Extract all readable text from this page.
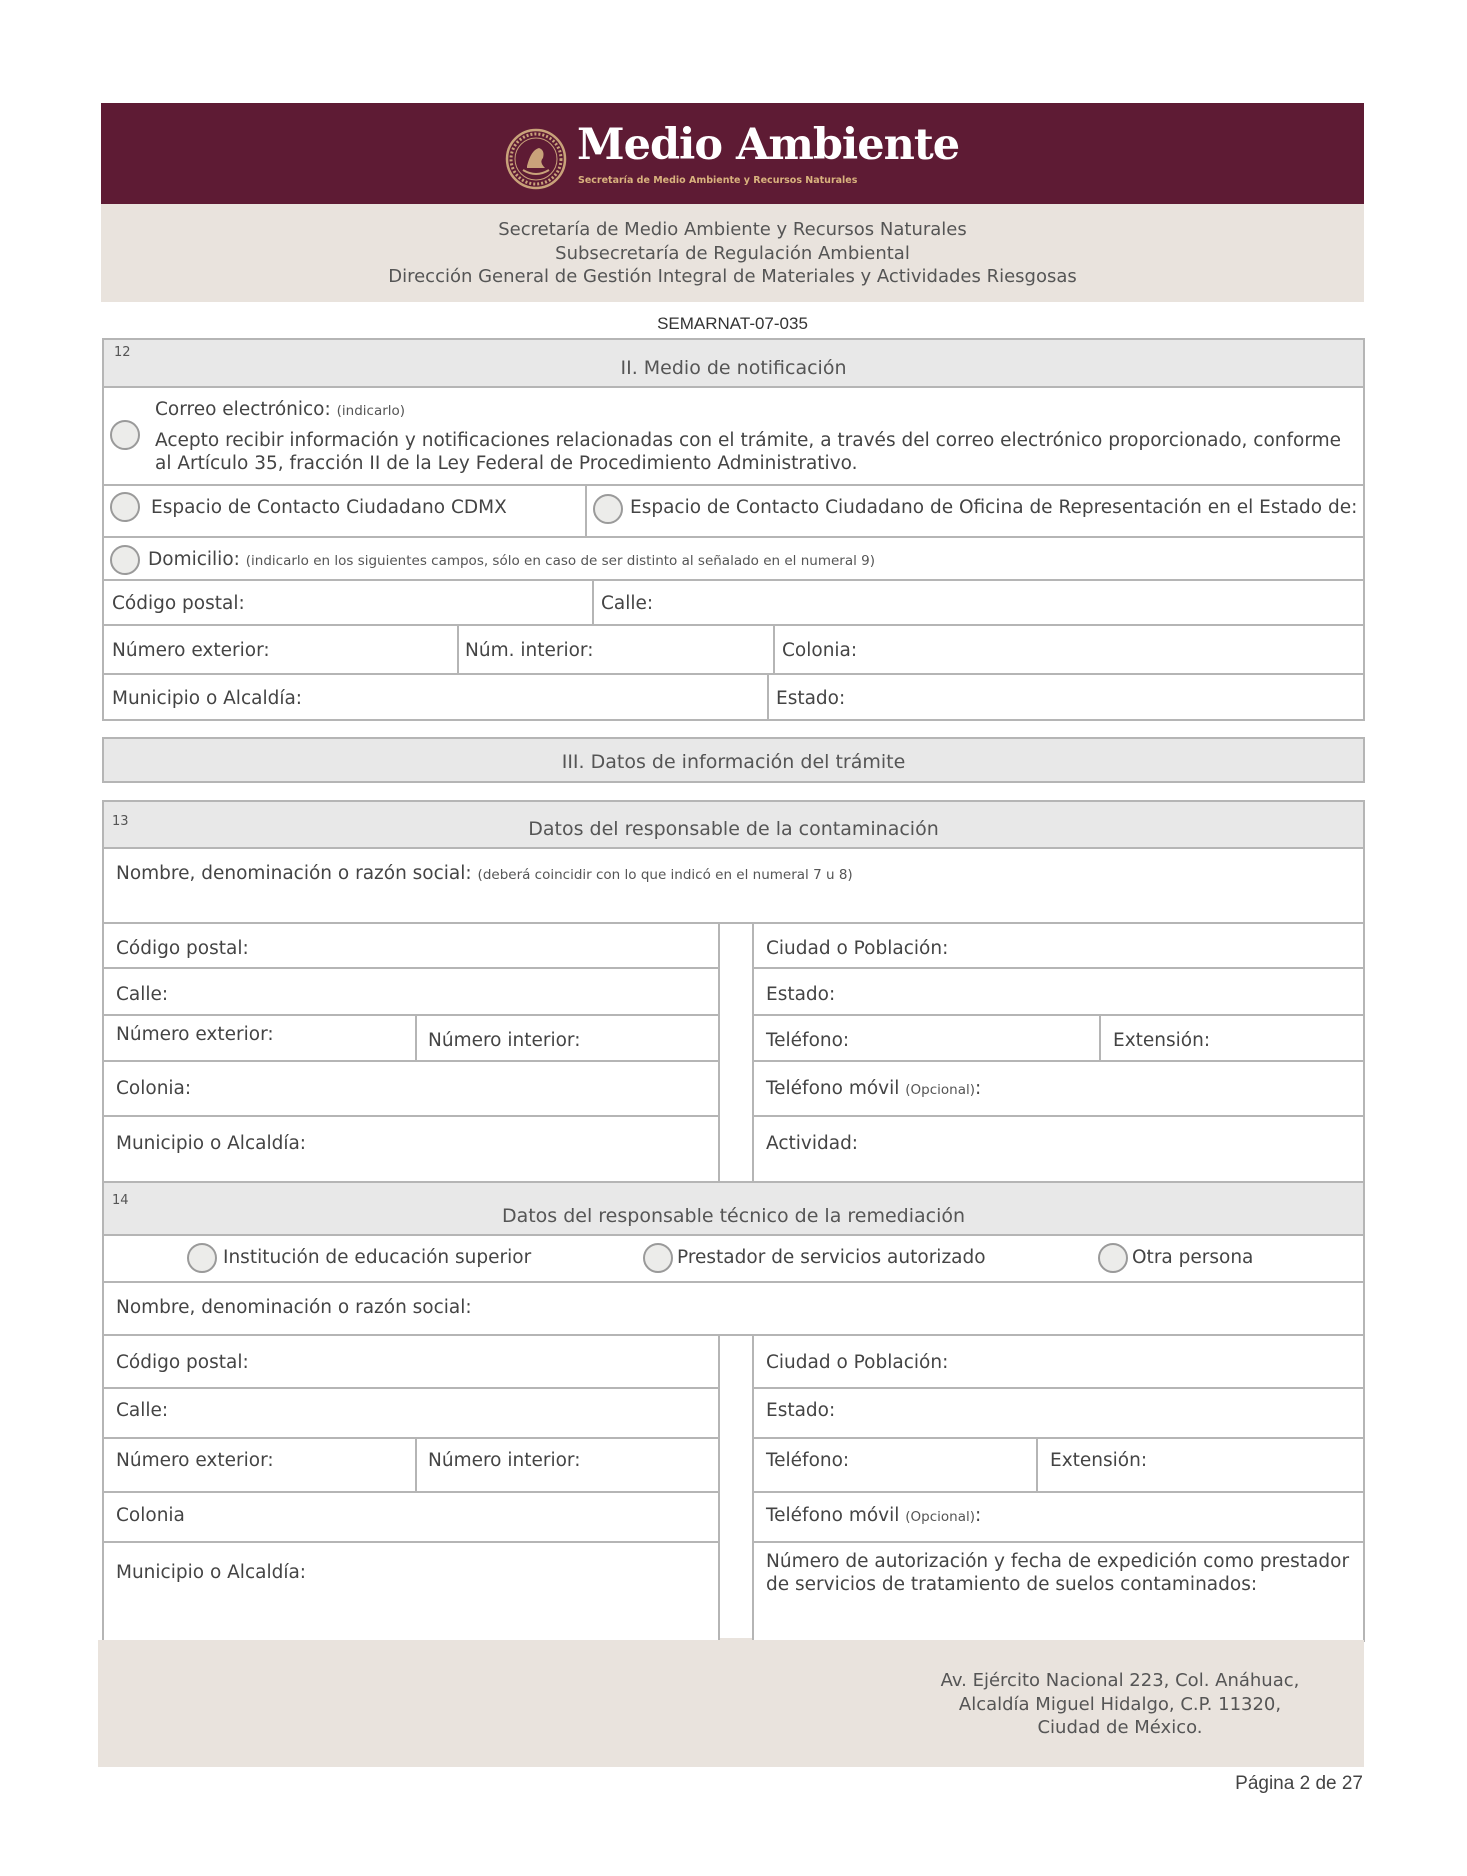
Medio Ambiente
Secretaría de Medio Ambiente y Recursos Naturales
Secretaría de Medio Ambiente y Recursos Naturales
Subsecretaría de Regulación Ambiental
Dirección General de Gestión Integral de Materiales y Actividades Riesgosas
SEMARNAT-07-035
12
II. Medio de notificación
Correo electrónico: (indicarlo)
Acepto recibir información y notificaciones relacionadas con el trámite, a través del correo electrónico proporcionado, conforme
al Artículo 35, fracción II de la Ley Federal de Procedimiento Administrativo.
Espacio de Contacto Ciudadano CDMX	Espacio de Contacto Ciudadano de Oficina de Representación en el Estado de:
Domicilio: (indicarlo en los siguientes campos, sólo en caso de ser distinto al señalado en el numeral 9)
Código postal:	Calle:
Número exterior:	Núm. interior:	Colonia:
Municipio o Alcaldía:	Estado:
III. Datos de información del trámite
13	Datos del responsable de la contaminación
Nombre, denominación o razón social: (deberá coincidir con lo que indicó en el numeral 7 u 8)
Código postal:
Calle:
Número exterior:	Número interior:
Colonia:
Municipio o Alcaldía:
Ciudad o Población:
Estado:
Teléfono:	Extensión:
Teléfono móvil (Opcional):
Actividad:
14
Datos del responsable técnico de la remediación
Institución de educación superior	Prestador de servicios autorizado	Otra persona
Nombre, denominación o razón social:
Código postal:
Calle:
Número exterior:	Número interior:
Colonia
Municipio o Alcaldía:
Ciudad o Población:
Estado:
Teléfono:	Extensión:
Teléfono móvil (Opcional):
Número de autorización y fecha de expedición como prestador
de servicios de tratamiento de suelos contaminados:
Av. Ejército Nacional 223, Col. Anáhuac,
Alcaldía Miguel Hidalgo, C.P. 11320,
Ciudad de México.
Página 2 de 27
